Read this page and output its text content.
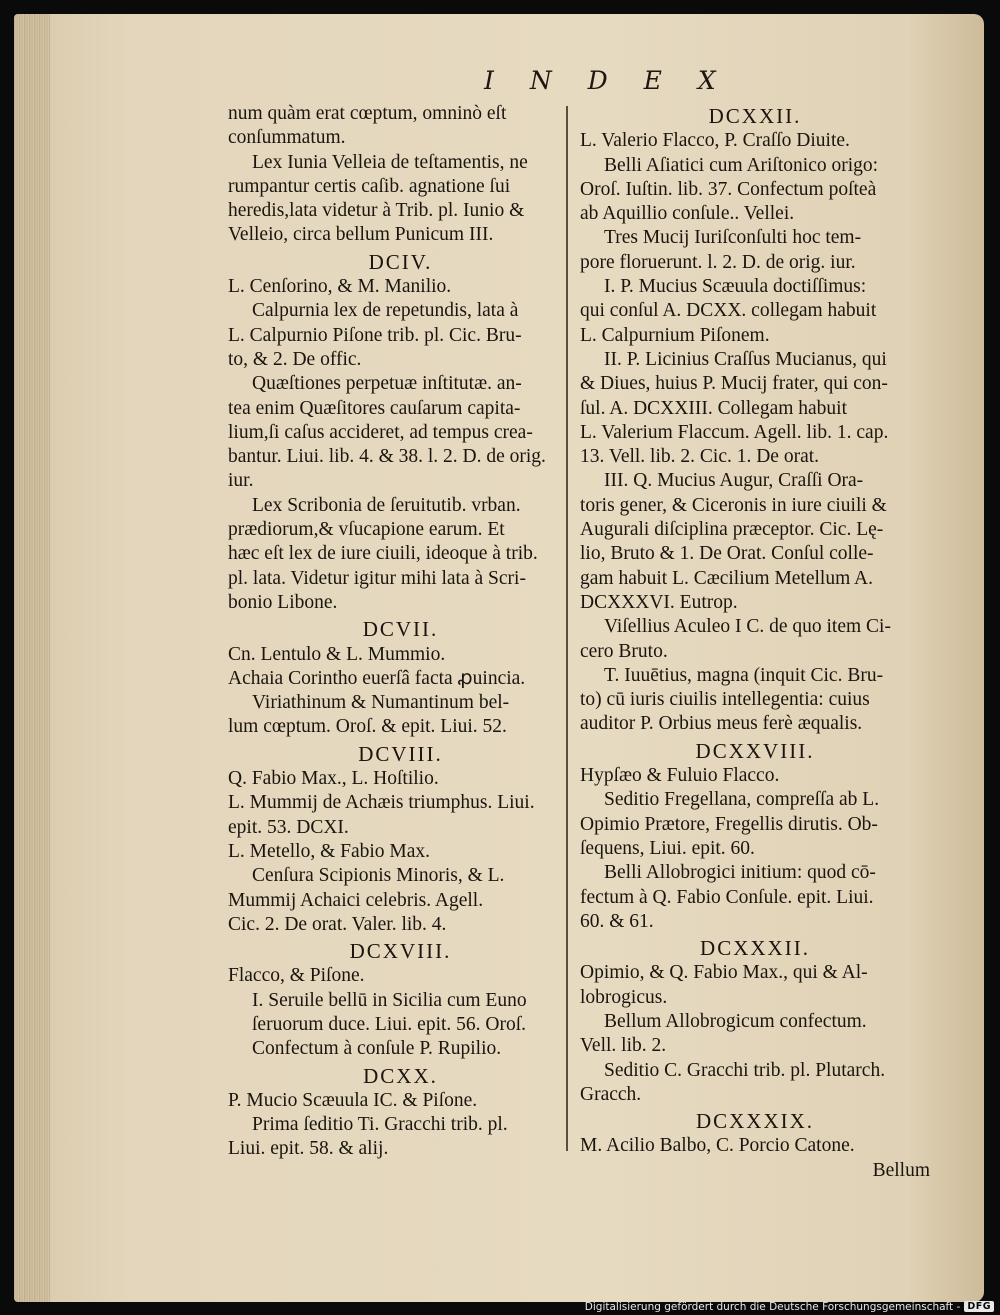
I N D E X
num quàm erat cœptum, omninò eſt
conſummatum.
Lex Iunia Velleia de teſtamentis, ne
rumpantur certis caſib. agnatione ſui
heredis,lata videtur à Trib. pl. Iunio &
Velleio, circa bellum Punicum III.
DCIV.
L. Cenſorino, & M. Manilio.
Calpurnia lex de repetundis, lata à
L. Calpurnio Piſone trib. pl. Cic. Bru-
to, & 2. De offic.
Quæſtiones perpetuæ inſtitutæ. an-
tea enim Quæſitores cauſarum capita-
lium,ſi caſus accideret, ad tempus crea-
bantur. Liui. lib. 4. & 38. l. 2. D. de orig.
iur.
Lex Scribonia de ſeruitutib. vrban.
prædiorum,& vſucapione earum. Et
hæc eſt lex de iure ciuili, ideoque à trib.
pl. lata. Videtur igitur mihi lata à Scri-
bonio Libone.
DCVII.
Cn. Lentulo & L. Mummio.
Achaia Corintho euerſâ facta ꝓuincia.
Viriathinum & Numantinum bel-
lum cœptum. Oroſ. & epit. Liui. 52.
DCVIII.
Q. Fabio Max., L. Hoſtilio.
L. Mummij de Achæis triumphus. Liui.
epit. 53. DCXI.
L. Metello, & Fabio Max.
Cenſura Scipionis Minoris, & L.
Mummij Achaici celebris. Agell.
Cic. 2. De orat. Valer. lib. 4.
DCXVIII.
Flacco, & Piſone.
I. Seruile bellū in Sicilia cum Euno
ſeruorum duce. Liui. epit. 56. Oroſ.
Confectum à conſule P. Rupilio.
DCXX.
P. Mucio Scæuula IC. & Piſone.
Prima ſeditio Ti. Gracchi trib. pl.
Liui. epit. 58. & alij.
DCXXII.
L. Valerio Flacco, P. Craſſo Diuite.
Belli Aſiatici cum Ariſtonico origo:
Oroſ. Iuſtin. lib. 37. Confectum poſteà
ab Aquillio conſule.. Vellei.
Tres Mucij Iuriſconſulti hoc tem-
pore floruerunt. l. 2. D. de orig. iur.
I. P. Mucius Scæuula doctiſſimus:
qui conſul A. DCXX. collegam habuit
L. Calpurnium Piſonem.
II. P. Licinius Craſſus Mucianus, qui
& Diues, huius P. Mucij frater, qui con-
ſul. A. DCXXIII. Collegam habuit
L. Valerium Flaccum. Agell. lib. 1. cap.
13. Vell. lib. 2. Cic. 1. De orat.
III. Q. Mucius Augur, Craſſi Ora-
toris gener, & Ciceronis in iure ciuili &
Augurali diſciplina præceptor. Cic. Lę-
lio, Bruto & 1. De Orat. Conſul colle-
gam habuit L. Cæcilium Metellum A.
DCXXXVI. Eutrop.
Viſellius Aculeo I C. de quo item Ci-
cero Bruto.
T. Iuuētius, magna (inquit Cic. Bru-
to) cū iuris ciuilis intellegentia: cuius
auditor P. Orbius meus ferè æqualis.
DCXXVIII.
Hypſæo & Fuluio Flacco.
Seditio Fregellana, compreſſa ab L.
Opimio Prætore, Fregellis dirutis. Ob-
ſequens, Liui. epit. 60.
Belli Allobrogici initium: quod cō-
fectum à Q. Fabio Conſule. epit. Liui.
60. & 61.
DCXXXII.
Opimio, & Q. Fabio Max., qui & Al-
lobrogicus.
Bellum Allobrogicum confectum.
Vell. lib. 2.
Seditio C. Gracchi trib. pl. Plutarch.
Gracch.
DCXXXIX.
M. Acilio Balbo, C. Porcio Catone.
Bellum
Digitalisierung gefördert durch die Deutsche Forschungsgemeinschaft - DFG
